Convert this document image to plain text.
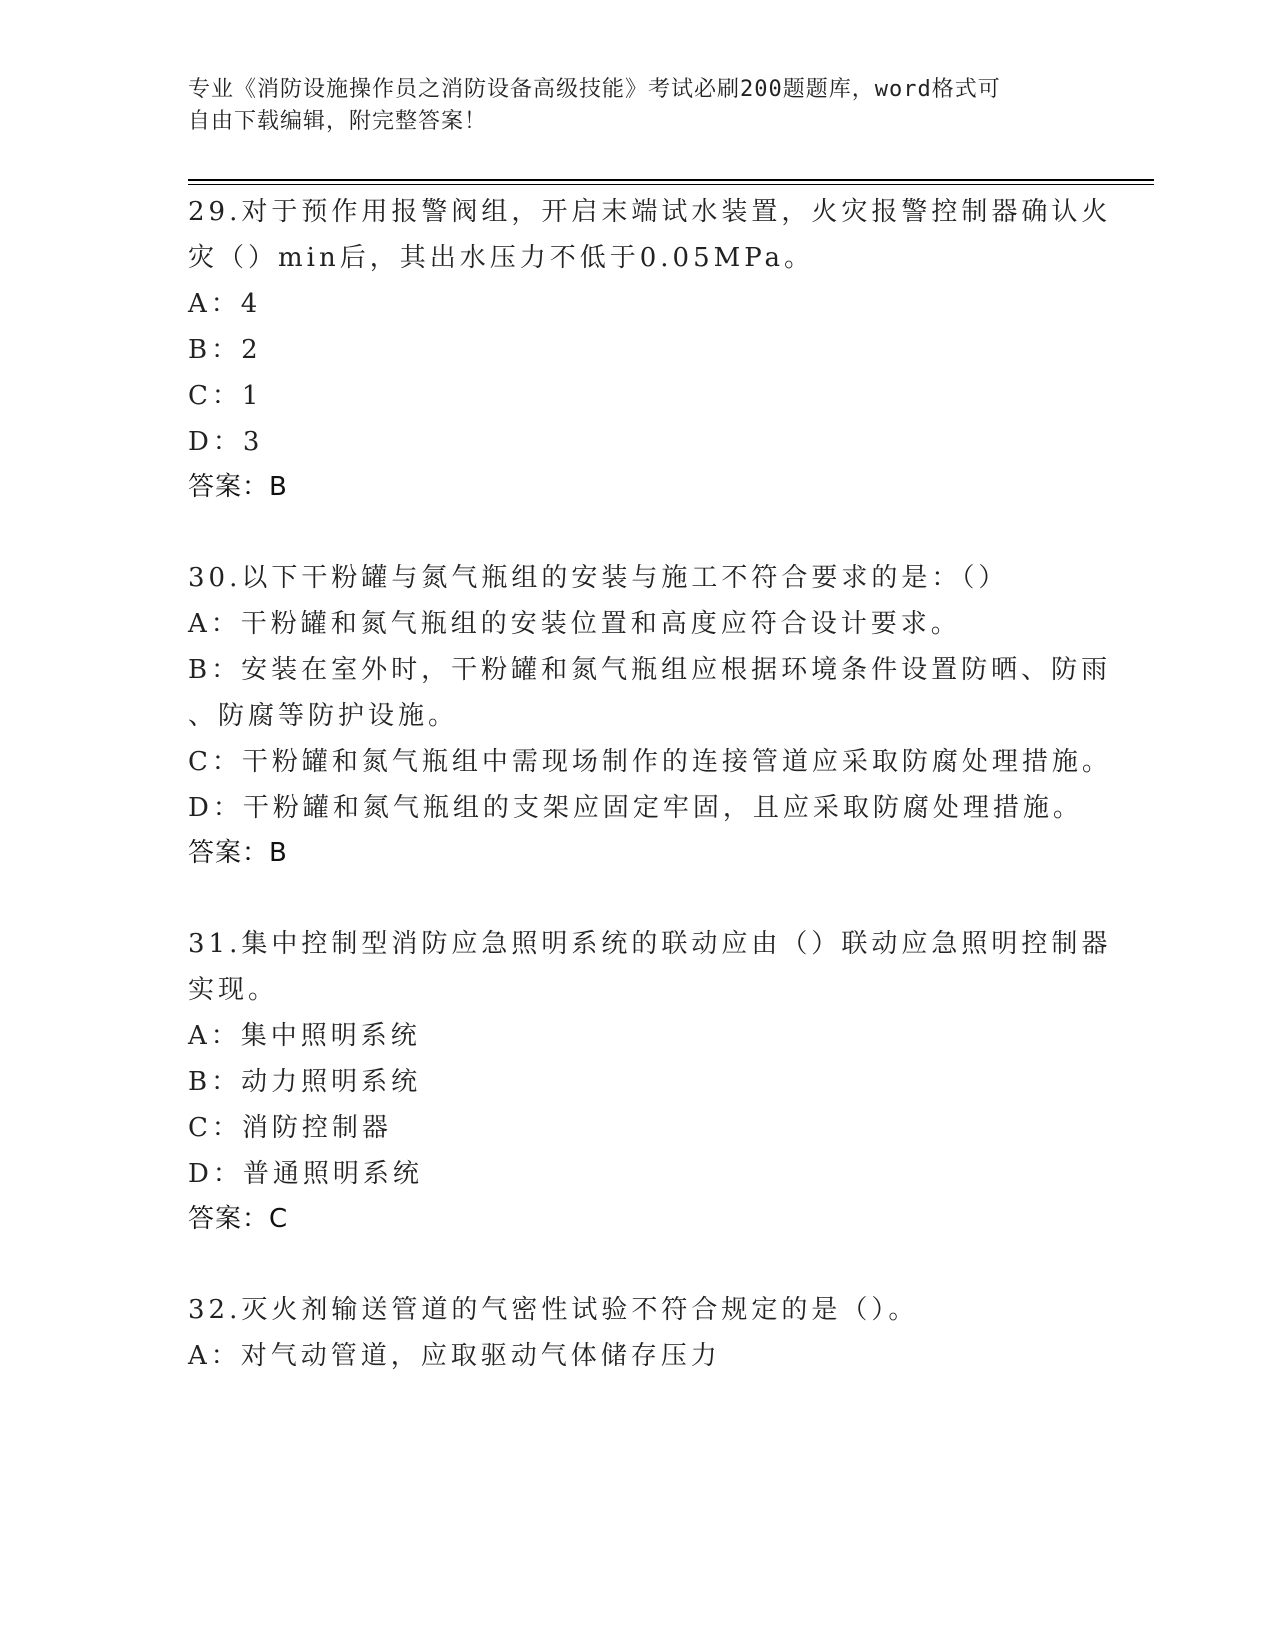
专业《消防设施操作员之消防设备高级技能》考试必刷200题题库，word格式可
自由下载编辑，附完整答案！
29.对于预作用报警阀组，开启末端试水装置，火灾报警控制器确认火
灾（）min后，其出水压力不低于0.05MPa。
A：4
B：2
C：1
D：3
答案：B
30.以下干粉罐与氮气瓶组的安装与施工不符合要求的是：（）
A：干粉罐和氮气瓶组的安装位置和高度应符合设计要求。
B：安装在室外时，干粉罐和氮气瓶组应根据环境条件设置防晒、防雨
、防腐等防护设施。
C：干粉罐和氮气瓶组中需现场制作的连接管道应采取防腐处理措施。
D：干粉罐和氮气瓶组的支架应固定牢固，且应采取防腐处理措施。
答案：B
31.集中控制型消防应急照明系统的联动应由（）联动应急照明控制器
实现。
A：集中照明系统
B：动力照明系统
C：消防控制器
D：普通照明系统
答案：C
32.灭火剂输送管道的气密性试验不符合规定的是（）。
A：对气动管道，应取驱动气体储存压力
